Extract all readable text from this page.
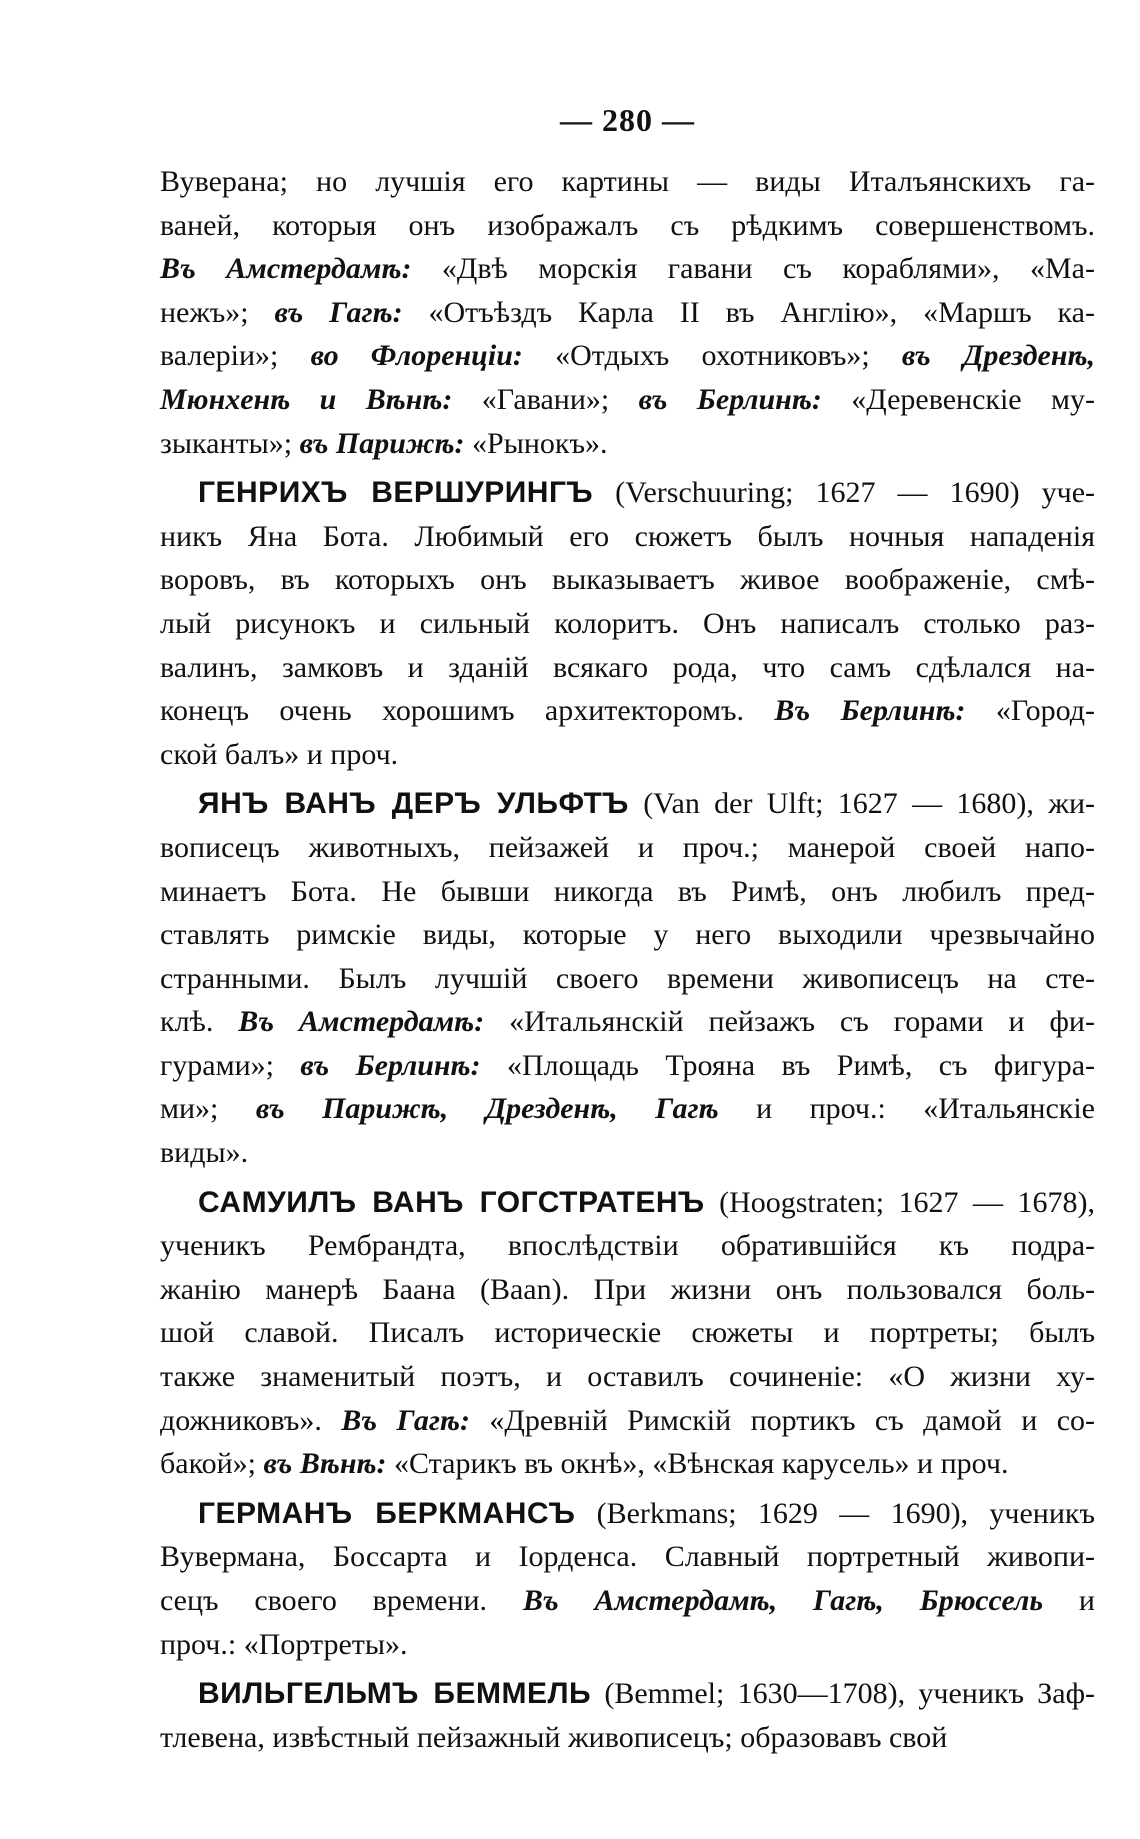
— 280 —
Вуверaна; но лучшiя его картины — виды Италъянскихъ га-
ваней, которыя онъ изображалъ съ рѣдкимъ совершенствомъ.
Въ Амстердамѣ: «Двѣ морскiя гавани съ кораблями», «Ма-
нежъ»; въ Гагѣ: «Отъѣздъ Карла II въ Англiю», «Маршъ ка-
валерiи»; во Флоренцiи: «Отдыхъ охотниковъ»; въ Дрезденѣ,
Мюнхенѣ и Вѣнѣ: «Гавани»; въ Берлинѣ: «Деревенскiе му-
зыканты»; въ Парижѣ: «Рынокъ».
ГЕНРИХЪ ВЕРШУРИНГЪ (Verschuuring; 1627 — 1690) уче-
никъ Яна Бота. Любимый его сюжетъ былъ ночныя нападенiя
воровъ, въ которыхъ онъ выказываетъ живое воображенiе, смѣ-
лый рисунокъ и сильный колоритъ. Онъ написалъ столько раз-
валинъ, замковъ и зданiй всякаго рода, что самъ сдѣлался на-
конецъ очень хорошимъ архитекторомъ. Въ Берлинѣ: «Город-
ской балъ» и проч.
ЯНЪ ВАНЪ ДЕРЪ УЛЬФТЪ (Van der Ulft; 1627 — 1680), жи-
вописецъ животныхъ, пейзажей и проч.; манерой своей напо-
минаетъ Бота. Не бывши никогда въ Римѣ, онъ любилъ пред-
ставлять римскiе виды, которые у него выходили чрезвычайно
странными. Былъ лучшiй своего времени живописецъ на сте-
клѣ. Въ Амстердамѣ: «Итальянскiй пейзажъ съ горами и фи-
гурами»; въ Берлинѣ: «Площадь Трояна въ Римѣ, съ фигура-
ми»; въ Парижѣ, Дрезденѣ, Гагѣ и проч.: «Итальянскiе
виды».
САМУИЛЪ ВАНЪ ГОГСТРАТЕНЪ (Hoogstraten; 1627 — 1678),
ученикъ Рембрандта, впослѣдствiи обратившiйся къ подра-
жанiю манерѣ Баана (Baan). При жизни онъ пользовался боль-
шой славой. Писалъ историческiе сюжеты и портреты; былъ
также знаменитый поэтъ, и оставилъ сочиненiе: «О жизни ху-
дожниковъ». Въ Гагѣ: «Древнiй Римскiй портикъ съ дамой и со-
бакой»; въ Вѣнѣ: «Старикъ въ окнѣ», «Вѣнская карусель» и проч.
ГЕРМАНЪ БЕРКМАНСЪ (Berkmans; 1629 — 1690), ученикъ
Вувермана, Боссарта и Iорденса. Славный портретный живопи-
сецъ своего времени. Въ Амстердамѣ, Гагѣ, Брюссель и
проч.: «Портреты».
ВИЛЬГЕЛЬМЪ БЕММЕЛЬ (Bemmel; 1630—1708), ученикъ Заф-
тлевена, извѣстный пейзажный живописецъ; образовавъ свой
